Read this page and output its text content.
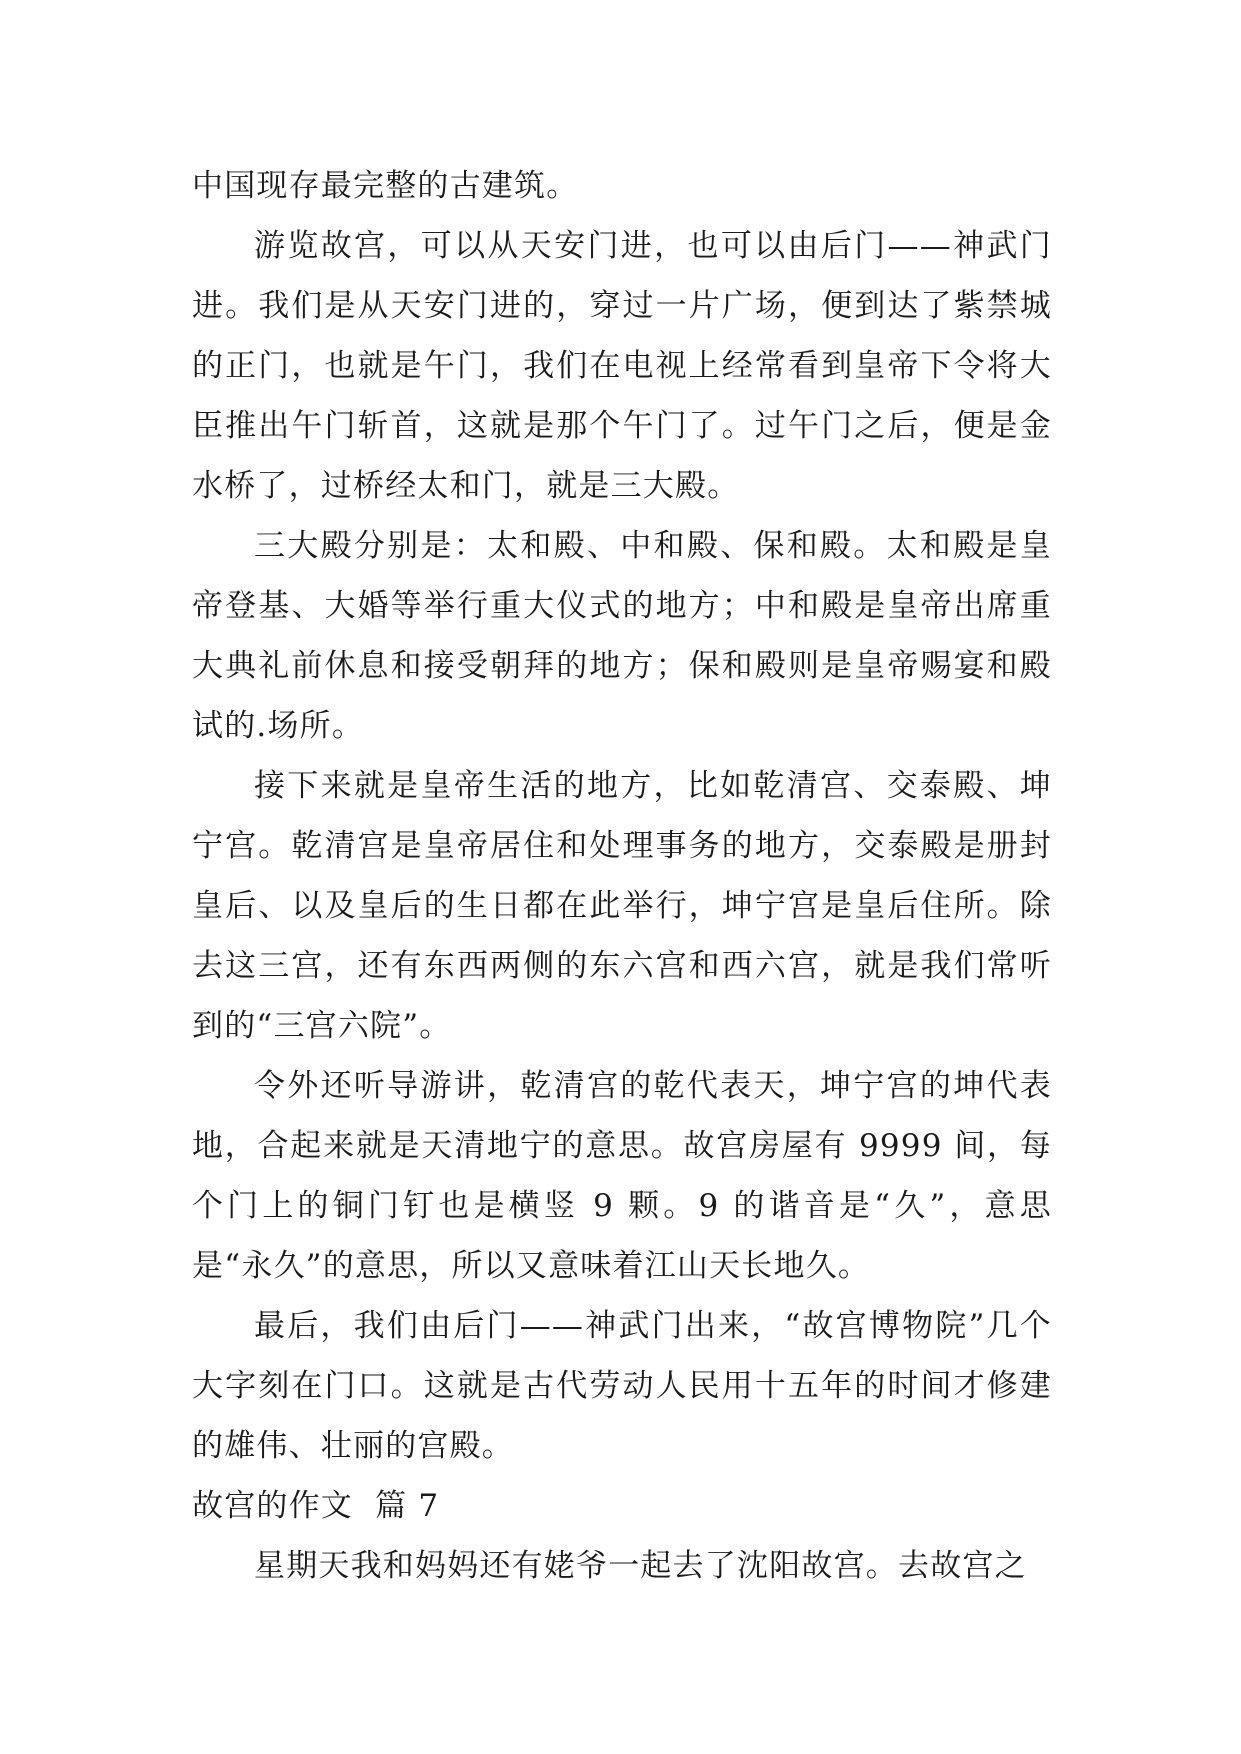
中国现存最完整的古建筑。

游览故宫，可以从天安门进，也可以由后门——神武门进。我们是从天安门进的，穿过一片广场，便到达了紫禁城的正门，也就是午门，我们在电视上经常看到皇帝下令将大臣推出午门斩首，这就是那个午门了。过午门之后，便是金水桥了，过桥经太和门，就是三大殿。

三大殿分别是：太和殿、中和殿、保和殿。太和殿是皇帝登基、大婚等举行重大仪式的地方；中和殿是皇帝出席重大典礼前休息和接受朝拜的地方；保和殿则是皇帝赐宴和殿试的.场所。

接下来就是皇帝生活的地方，比如乾清宫、交泰殿、坤宁宫。乾清宫是皇帝居住和处理事务的地方，交泰殿是册封皇后、以及皇后的生日都在此举行，坤宁宫是皇后住所。除去这三宫，还有东西两侧的东六宫和西六宫，就是我们常听到的“三宫六院”。

令外还听导游讲，乾清宫的乾代表天，坤宁宫的坤代表地，合起来就是天清地宁的意思。故宫房屋有 9999 间，每个门上的铜门钉也是横竖 9 颗。9 的谐音是“久”，意思是“永久”的意思，所以又意味着江山天长地久。

最后，我们由后门——神武门出来，“故宫博物院”几个大字刻在门口。这就是古代劳动人民用十五年的时间才修建的雄伟、壮丽的宫殿。

故宫的作文  篇 7

星期天我和妈妈还有姥爷一起去了沈阳故宫。去故宫之
